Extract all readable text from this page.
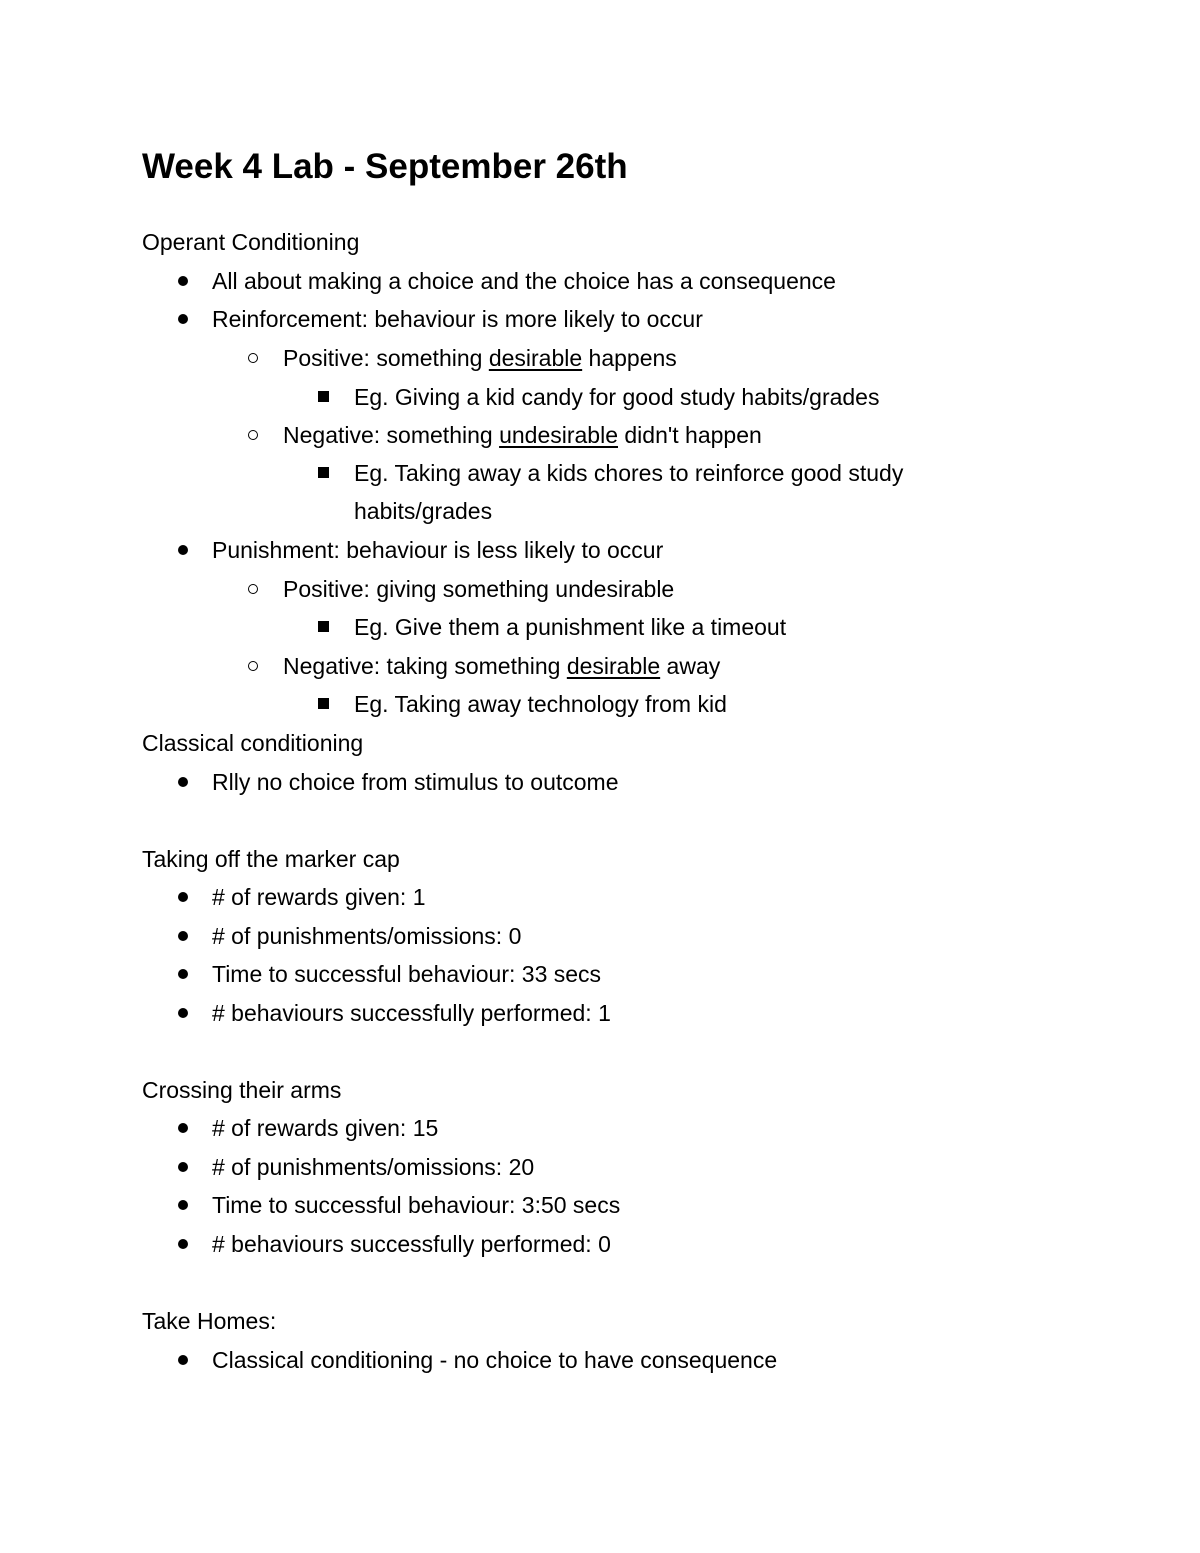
Week 4 Lab - September 26th
Operant Conditioning
All about making a choice and the choice has a consequence
Reinforcement: behaviour is more likely to occur
Positive: something desirable happens
Eg. Giving a kid candy for good study habits/grades
Negative: something undesirable didn't happen
Eg. Taking away a kids chores to reinforce good study
habits/grades
Punishment: behaviour is less likely to occur
Positive: giving something undesirable
Eg. Give them a punishment like a timeout
Negative: taking something desirable away
Eg. Taking away technology from kid
Classical conditioning
Rlly no choice from stimulus to outcome
Taking off the marker cap
# of rewards given: 1
# of punishments/omissions: 0
Time to successful behaviour: 33 secs
# behaviours successfully performed: 1
Crossing their arms
# of rewards given: 15
# of punishments/omissions: 20
Time to successful behaviour: 3:50 secs
# behaviours successfully performed: 0
Take Homes:
Classical conditioning - no choice to have consequence
